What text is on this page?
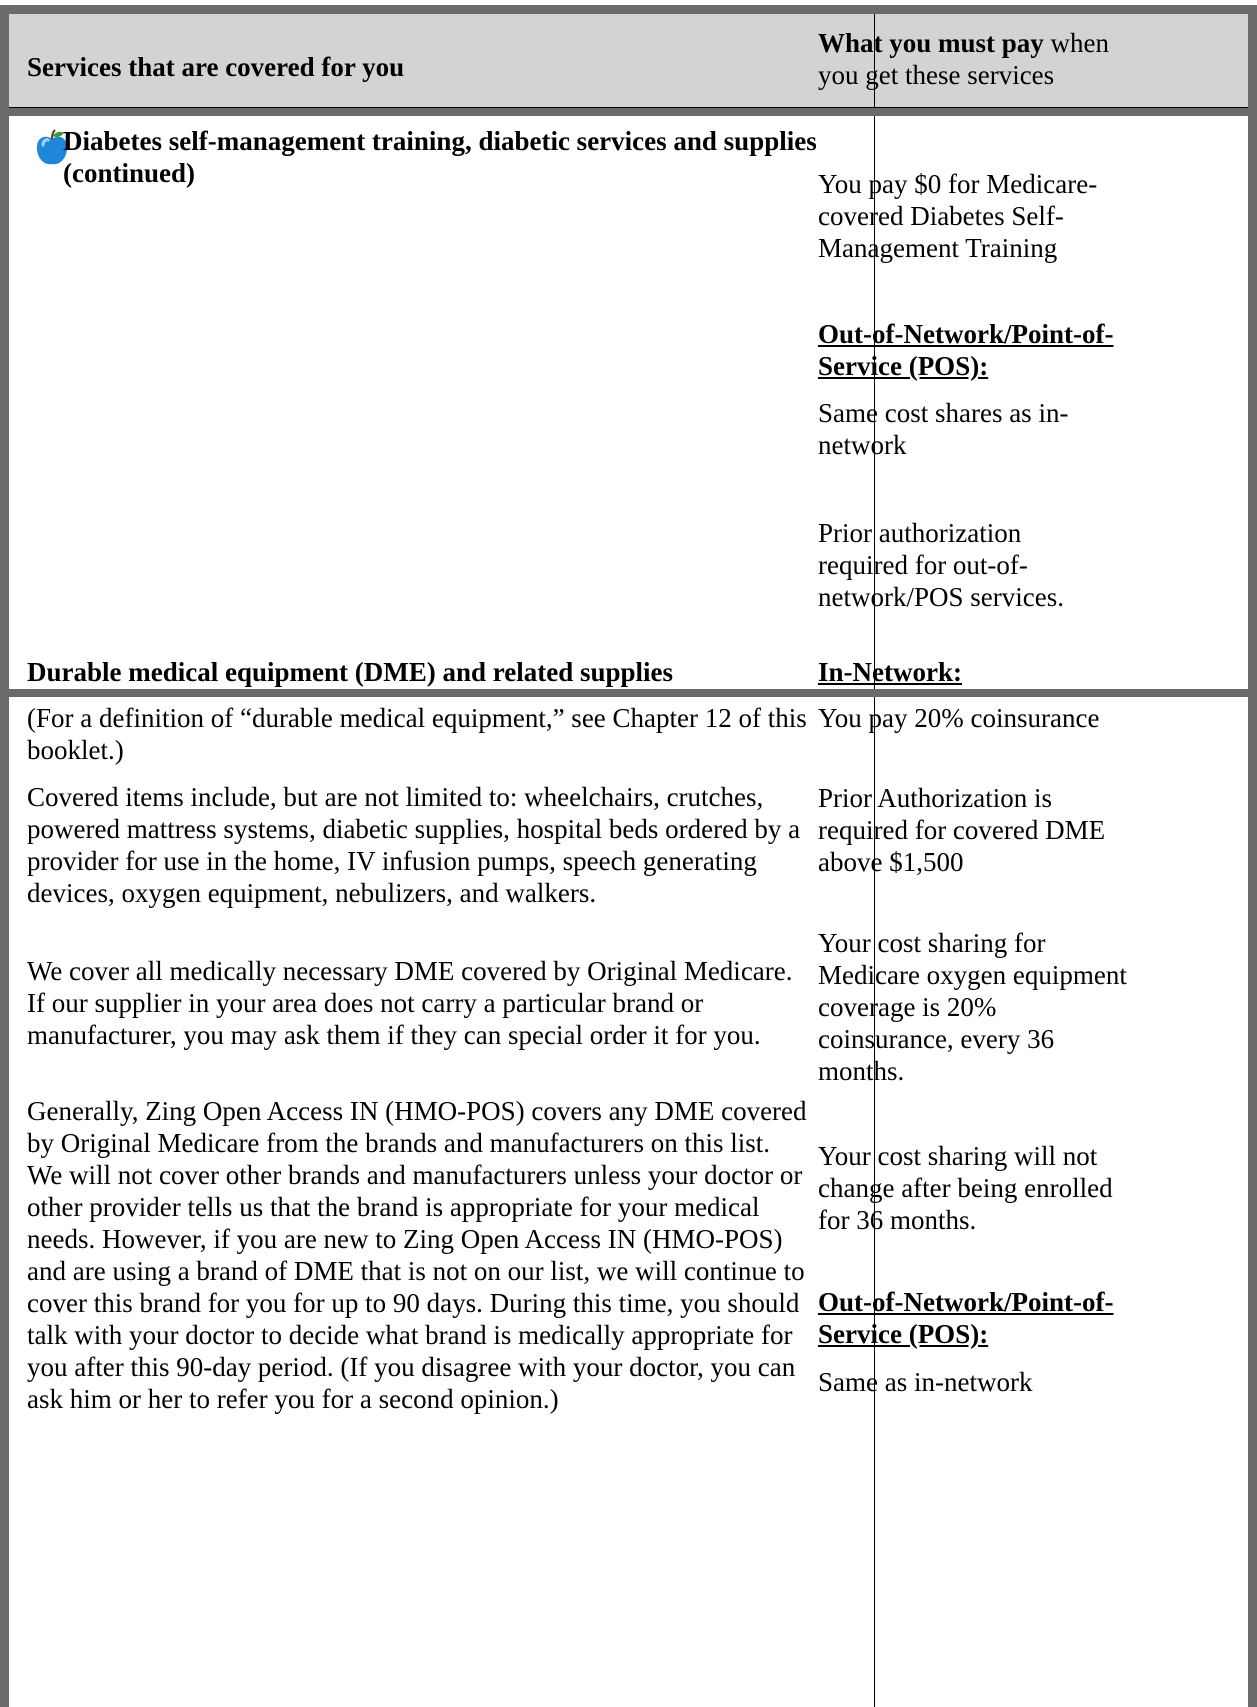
Services that are covered for you
What you must pay when you get these services
Diabetes self-management training, diabetic services and supplies (continued)	You pay $0 for Medicare-covered Diabetes Self-Management Training
Out-of-Network/Point-of-Service (POS):
Same cost shares as in-network
Prior authorization required for out-of-network/POS services.
Durable medical equipment (DME) and related supplies
(For a definition of “durable medical equipment,” see Chapter 12 of this booklet.)
Covered items include, but are not limited to: wheelchairs, crutches, powered mattress systems, diabetic supplies, hospital beds ordered by a provider for use in the home, IV infusion pumps, speech generating devices, oxygen equipment, nebulizers, and walkers.
We cover all medically necessary DME covered by Original Medicare. If our supplier in your area does not carry a particular brand or manufacturer, you may ask them if they can special order it for you.
Generally, Zing Open Access IN (HMO-POS) covers any DME covered by Original Medicare from the brands and manufacturers on this list. We will not cover other brands and manufacturers unless your doctor or other provider tells us that the brand is appropriate for your medical needs. However, if you are new to Zing Open Access IN (HMO-POS) and are using a brand of DME that is not on our list, we will continue to cover this brand for you for up to 90 days. During this time, you should talk with your doctor to decide what brand is medically appropriate for you after this 90-day period. (If you disagree with your doctor, you can ask him or her to refer you for a second opinion.)
In-Network:
You pay 20% coinsurance
Prior Authorization is required for covered DME above $1,500
Your cost sharing for Medicare oxygen equipment coverage is 20% coinsurance, every 36 months.
Your cost sharing will not change after being enrolled for 36 months.
Out-of-Network/Point-of-Service (POS):
Same as in-network
